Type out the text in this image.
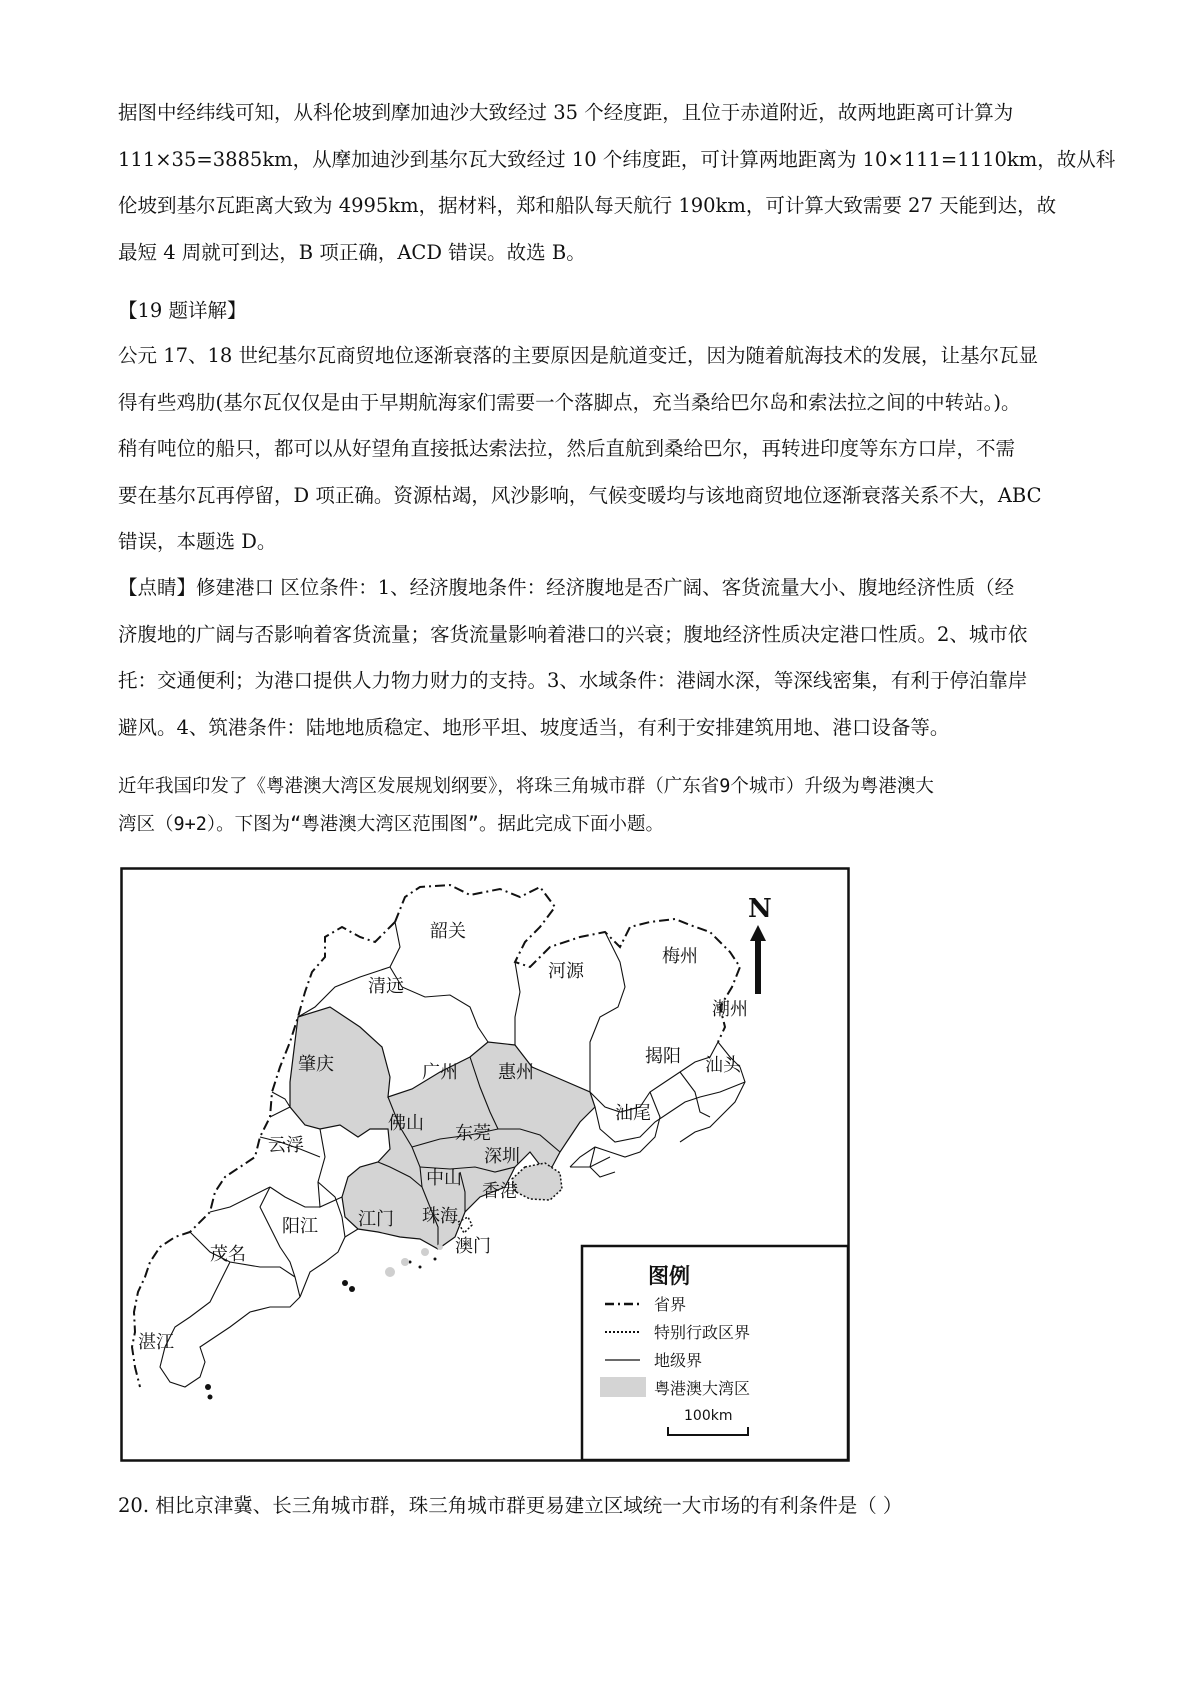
据图中经纬线可知，从科伦坡到摩加迪沙大致经过 35 个经度距，且位于赤道附近，故两地距离可计算为
111×35=3885km，从摩加迪沙到基尔瓦大致经过 10 个纬度距，可计算两地距离为 10×111=1110km，故从科
伦坡到基尔瓦距离大致为 4995km，据材料，郑和船队每天航行 190km，可计算大致需要 27 天能到达，故
最短 4 周就可到达，B 项正确，ACD 错误。故选 B。

【19 题详解】

公元 17、18 世纪基尔瓦商贸地位逐渐衰落的主要原因是航道变迁，因为随着航海技术的发展，让基尔瓦显
得有些鸡肋(基尔瓦仅仅是由于早期航海家们需要一个落脚点，充当桑给巴尔岛和索法拉之间的中转站。)。
稍有吨位的船只，都可以从好望角直接抵达索法拉，然后直航到桑给巴尔，再转进印度等东方口岸，不需
要在基尔瓦再停留，D 项正确。资源枯竭，风沙影响，气候变暖均与该地商贸地位逐渐衰落关系不大，ABC
错误，本题选 D。

【点睛】修建港口 区位条件：1、经济腹地条件：经济腹地是否广阔、客货流量大小、腹地经济性质（经
济腹地的广阔与否影响着客货流量；客货流量影响着港口的兴衰；腹地经济性质决定港口性质。2、城市依
托：交通便利；为港口提供人力物力财力的支持。3、水域条件：港阔水深，等深线密集，有利于停泊靠岸
避风。4、筑港条件：陆地地质稳定、地形平坦、坡度适当，有利于安排建筑用地、港口设备等。

近年我国印发了《粤港澳大湾区发展规划纲要》，将珠三角城市群（广东省9个城市）升级为粤港澳大
湾区（9+2）。下图为“粤港澳大湾区范围图”。据此完成下面小题。

N
韶关
清远
河源
梅州
潮州
肇庆	广州 惠州
揭阳 汕头
佛山 东莞
汕尾
云浮
深圳
中山
香港
江门 珠海
阳江
澳门
茂名
湛江
图例
省界
特别行政区界
地级界
粤港澳大湾区
100km

20. 相比京津冀、长三角城市群，珠三角城市群更易建立区域统一大市场的有利条件是（ ）
